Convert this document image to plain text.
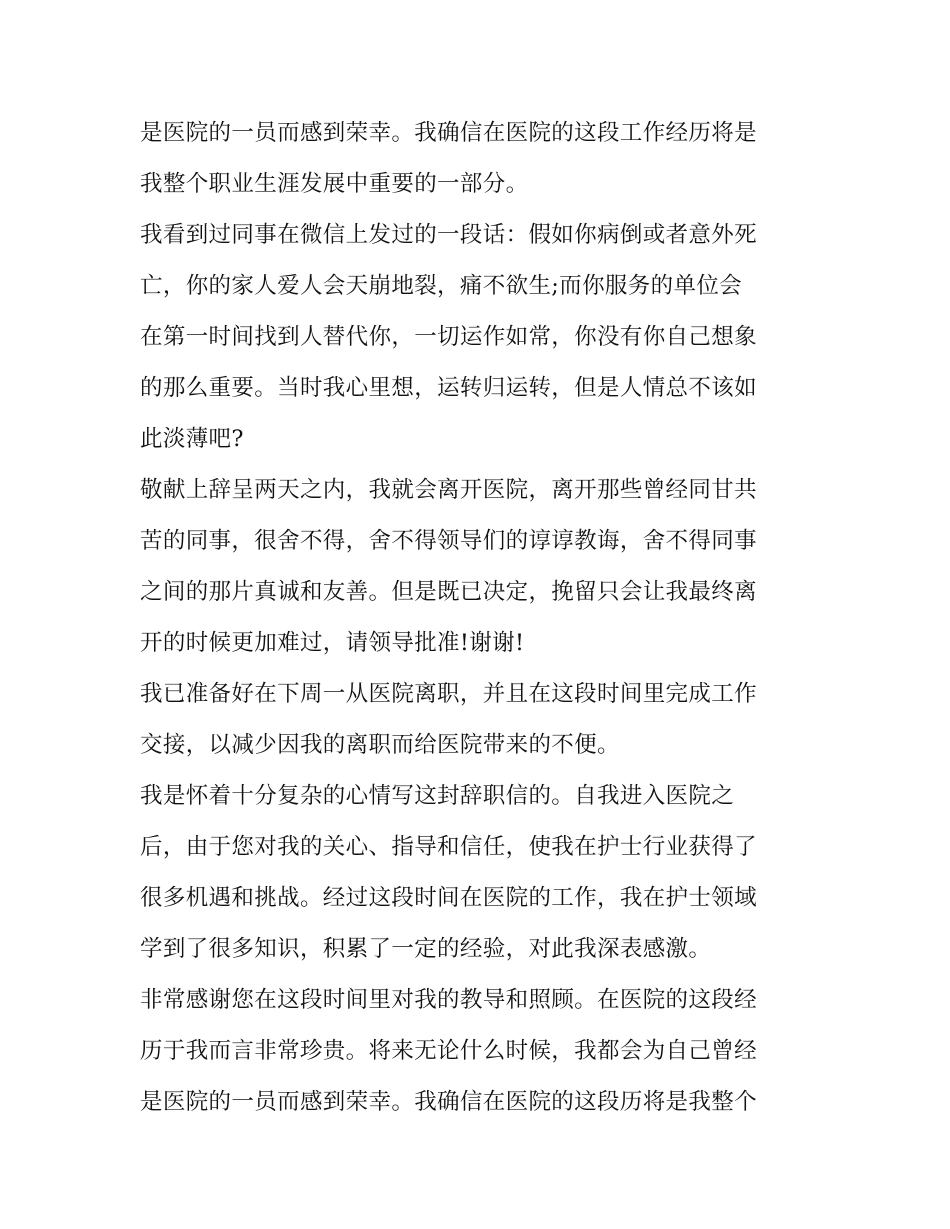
是医院的一员而感到荣幸。我确信在医院的这段工作经历将是
我整个职业生涯发展中重要的一部分。
我看到过同事在微信上发过的一段话：假如你病倒或者意外死
亡，你的家人爱人会天崩地裂，痛不欲生;而你服务的单位会
在第一时间找到人替代你，一切运作如常，你没有你自己想象
的那么重要。当时我心里想，运转归运转，但是人情总不该如
此淡薄吧?
敬献上辞呈两天之内，我就会离开医院，离开那些曾经同甘共
苦的同事，很舍不得，舍不得领导们的谆谆教诲，舍不得同事
之间的那片真诚和友善。但是既已决定，挽留只会让我最终离
开的时候更加难过，请领导批准!谢谢!
我已准备好在下周一从医院离职，并且在这段时间里完成工作
交接，以减少因我的离职而给医院带来的不便。
我是怀着十分复杂的心情写这封辞职信的。自我进入医院之
后，由于您对我的关心、指导和信任，使我在护士行业获得了
很多机遇和挑战。经过这段时间在医院的工作，我在护士领域
学到了很多知识，积累了一定的经验，对此我深表感激。
非常感谢您在这段时间里对我的教导和照顾。在医院的这段经
历于我而言非常珍贵。将来无论什么时候，我都会为自己曾经
是医院的一员而感到荣幸。我确信在医院的这段历将是我整个
